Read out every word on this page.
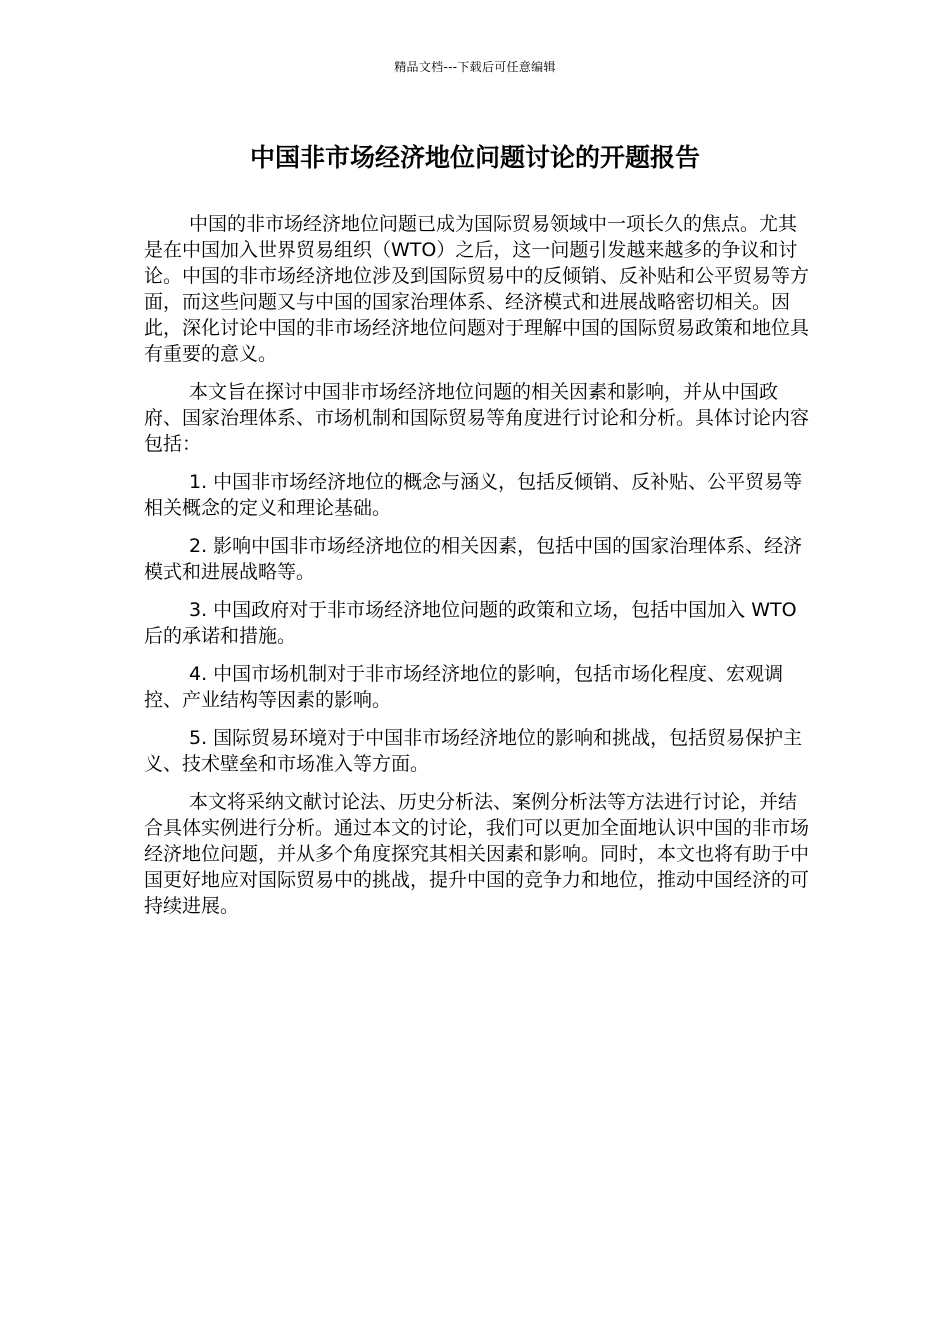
精品文档---下载后可任意编辑
中国非市场经济地位问题讨论的开题报告

中国的非市场经济地位问题已成为国际贸易领域中一项长久的焦点。尤其是在中国加入世界贸易组织（WTO）之后，这一问题引发越来越多的争议和讨论。中国的非市场经济地位涉及到国际贸易中的反倾销、反补贴和公平贸易等方面，而这些问题又与中国的国家治理体系、经济模式和进展战略密切相关。因此，深化讨论中国的非市场经济地位问题对于理解中国的国际贸易政策和地位具有重要的意义。

本文旨在探讨中国非市场经济地位问题的相关因素和影响，并从中国政府、国家治理体系、市场机制和国际贸易等角度进行讨论和分析。具体讨论内容包括：

1. 中国非市场经济地位的概念与涵义，包括反倾销、反补贴、公平贸易等相关概念的定义和理论基础。

2. 影响中国非市场经济地位的相关因素，包括中国的国家治理体系、经济模式和进展战略等。

3. 中国政府对于非市场经济地位问题的政策和立场，包括中国加入 WTO 后的承诺和措施。

4. 中国市场机制对于非市场经济地位的影响，包括市场化程度、宏观调控、产业结构等因素的影响。

5. 国际贸易环境对于中国非市场经济地位的影响和挑战，包括贸易保护主义、技术壁垒和市场准入等方面。

本文将采纳文献讨论法、历史分析法、案例分析法等方法进行讨论，并结合具体实例进行分析。通过本文的讨论，我们可以更加全面地认识中国的非市场经济地位问题，并从多个角度探究其相关因素和影响。同时，本文也将有助于中国更好地应对国际贸易中的挑战，提升中国的竞争力和地位，推动中国经济的可持续进展。
